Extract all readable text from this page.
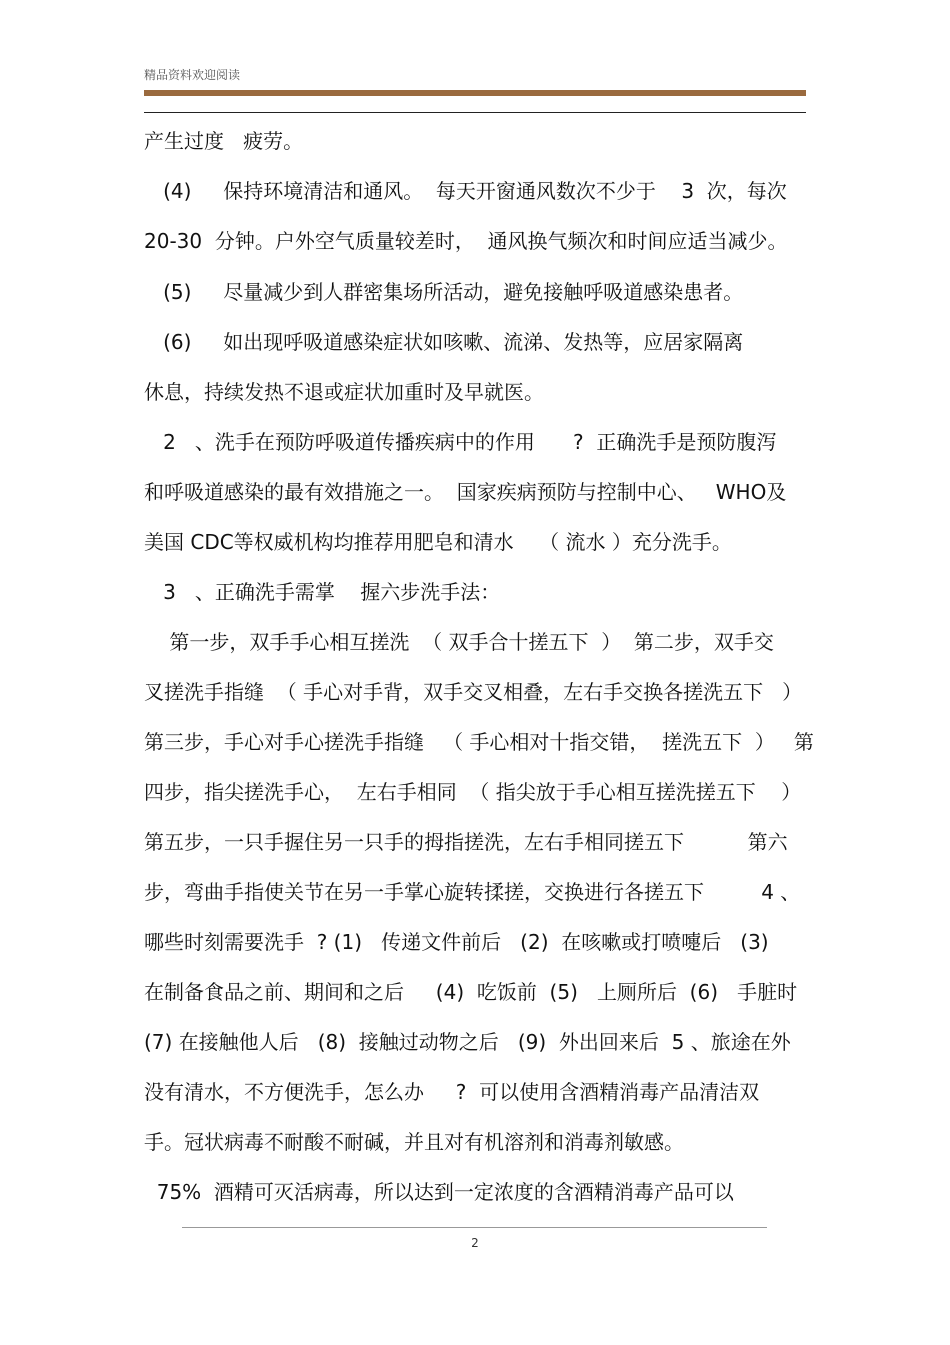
精品资料欢迎阅读
产生过度   疲劳。
(4)     保持环境清洁和通风。  每天开窗通风数次不少于    3  次，每次
20-30  分钟。户外空气质量较差时，  通风换气频次和时间应适当减少。
(5)     尽量减少到人群密集场所活动，避免接触呼吸道感染患者。
(6)     如出现呼吸道感染症状如咳嗽、流涕、发热等，应居家隔离
休息，持续发热不退或症状加重时及早就医。
2   、洗手在预防呼吸道传播疾病中的作用      ?  正确洗手是预防腹泻
和呼吸道感染的最有效措施之一。  国家疾病预防与控制中心、   WHO及
美国 CDC等权威机构均推荐用肥皂和清水    （ 流水 ）充分洗手。
3   、正确洗手需掌    握六步洗手法：
第一步，双手手心相互搓洗  （ 双手合十搓五下  ）  第二步，双手交
叉搓洗手指缝  （ 手心对手背，双手交叉相叠，左右手交换各搓洗五下   ）
第三步，手心对手心搓洗手指缝   （ 手心相对十指交错，  搓洗五下  ）   第
四步，指尖搓洗手心，  左右手相同  （ 指尖放于手心相互搓洗搓五下    ）
第五步，一只手握住另一只手的拇指搓洗，左右手相同搓五下          第六
步，弯曲手指使关节在另一手掌心旋转揉搓，交换进行各搓五下         4 、
哪些时刻需要洗手  ? (1)   传递文件前后   (2)  在咳嗽或打喷嚏后   (3)
在制备食品之前、期间和之后     (4)  吃饭前  (5)   上厕所后  (6)   手脏时
(7) 在接触他人后   (8)  接触过动物之后   (9)  外出回来后  5 、旅途在外
没有清水，不方便洗手，怎么办     ?  可以使用含酒精消毒产品清洁双
手。冠状病毒不耐酸不耐碱，并且对有机溶剂和消毒剂敏感。
75%  酒精可灭活病毒，所以达到一定浓度的含酒精消毒产品可以
2
